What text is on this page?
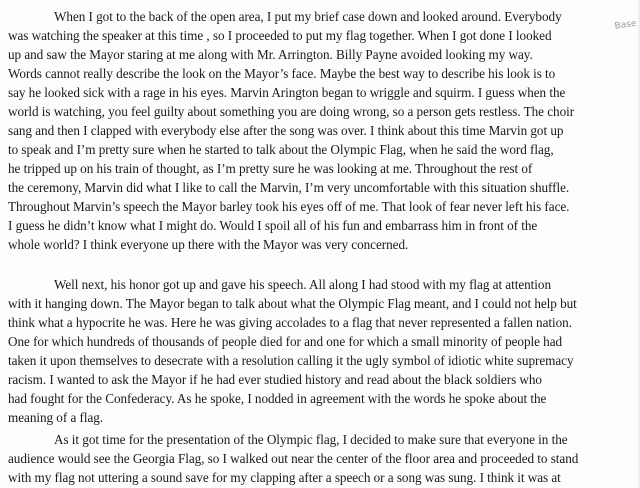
When I got to the back of the open area, I put my brief case down and looked around. Everybody
was watching the speaker at this time , so I proceeded to put my flag together. When I got done I looked
up and saw the Mayor staring at me along with Mr. Arrington. Billy Payne avoided looking my way.
Words cannot really describe the look on the Mayor’s face. Maybe the best way to describe his look is to
say he looked sick with a rage in his eyes. Marvin Arington began to wriggle and squirm. I guess when the
world is watching, you feel guilty about something you are doing wrong, so a person gets restless. The choir
sang and then I clapped with everybody else after the song was over. I think about this time Marvin got up
to speak and I’m pretty sure when he started to talk about the Olympic Flag, when he said the word flag,
he tripped up on his train of thought, as I’m pretty sure he was looking at me. Throughout the rest of
the ceremony, Marvin did what I like to call the Marvin, I’m very uncomfortable with this situation shuffle.
Throughout Marvin’s speech the Mayor barley took his eyes off of me. That look of fear never left his face.
I guess he didn’t know what I might do. Would I spoil all of his fun and embarrass him in front of the
whole world? I think everyone up there with the Mayor was very concerned.
Well next, his honor got up and gave his speech. All along I had stood with my flag at attention
with it hanging down. The Mayor began to talk about what the Olympic Flag meant, and I could not help but
think what a hypocrite he was. Here he was giving accolades to a flag that never represented a fallen nation.
One for which hundreds of thousands of people died for and one for which a small minority of people had
taken it upon themselves to desecrate with a resolution calling it the ugly symbol of idiotic white supremacy
racism. I wanted to ask the Mayor if he had ever studied history and read about the black soldiers who
had fought for the Confederacy. As he spoke, I nodded in agreement with the words he spoke about the
meaning of a flag.
As it got time for the presentation of the Olympic flag, I decided to make sure that everyone in the
audience would see the Georgia Flag, so I walked out near the center of the floor area and proceeded to stand
with my flag not uttering a sound save for my clapping after a speech or a song was sung. I think it was at
Base
